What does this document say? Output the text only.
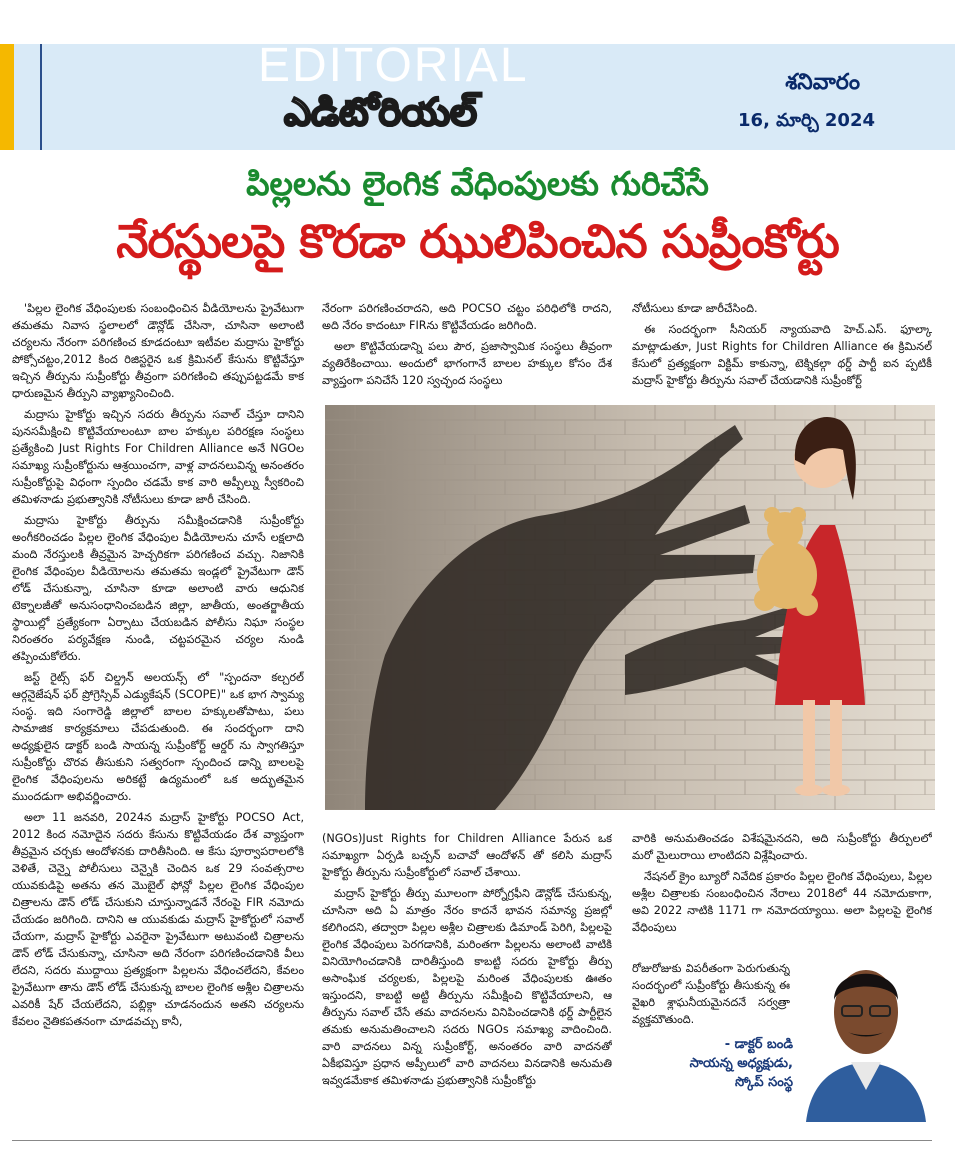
EDITORIAL
ఎడిటోరియల్
శనివారం
16, మార్చి 2024
పిల్లలను లైంగిక వేధింపులకు గురిచేసే
నేరస్థులపై కొరడా ఝులిపించిన సుప్రీంకోర్టు

'పిల్లల లైంగిక వేధింపులకు సంబంధించిన వీడియోలను ప్రైవేటుగా తమతమ నివాస స్థలాలలో డౌన్లోడ్ చేసినా, చూసినా అలాంటి చర్యలను నేరంగా పరిగణించ కూడదంటూ ఇటీవల మద్రాసు హైకోర్టు పోక్సోచట్టం,2012 కింద రిజిస్టరైన ఒక క్రిమినల్ కేసును కొట్టివేస్తూ ఇచ్చిన తీర్పును సుప్రీంకోర్టు తీవ్రంగా పరిగణించి తప్పుపట్టడమే కాక ధారుణమైన తీర్పుని వ్యాఖ్యానించింది.

మద్రాసు హైకోర్టు ఇచ్చిన సదరు తీర్పును సవాల్ చేస్తూ దానిని పునసమీక్షించి కొట్టివేయాలంటూ బాల హక్కుల పరిరక్షణ సంస్థలు ప్రత్యేకించి Just Rights For Children Alliance అనే NGOల సమాఖ్య సుప్రీంకోర్టును ఆశ్రయించగా, వాళ్ల వాదనలువిన్న అనంతరం సుప్రీంకోర్టుపై విధంగా స్పందిం చడమే కాక వారి అప్పీల్ను స్వీకరించి తమిళనాడు ప్రభుత్వానికి నోటీసులు కూడా జారీ చేసింది.

మద్రాసు హైకోర్టు తీర్పును సమీక్షించడానికి సుప్రీంకోర్టు అంగీకరించడం పిల్లల లైంగిక వేధింపుల వీడియోలను చూసే లక్షలాది మంది నేరస్తులకి తీవ్రమైన హెచ్చరికగా పరిగణించ వచ్చు. నిజానికి లైంగిక వేధింపుల వీడియోలను తమతమ ఇండ్లలో ప్రైవేటుగా డౌన్ లోడ్ చేసుకున్నా, చూసినా కూడా అలాంటి వారు ఆధునిక టెక్నాలజీతో అనుసంధానించబడిన జిల్లా, జాతీయ, అంతర్జాతీయ స్థాయిల్లో ప్రత్యేకంగా ఏర్పాటు చేయబడిన పోలీసు నిఘా సంస్థల నిరంతరం పర్యవేక్షణ నుండి, చట్టపరమైన చర్యల నుండి తప్పించుకోలేరు.

జస్ట్ రైట్స్ ఫర్ చిల్డ్రన్ అలయన్స్ లో "స్పందనా కల్చరల్ ఆర్గనైజేషన్ ఫర్ ప్రోగ్రెస్సివ్ ఎడ్యుకేషన్ (SCOPE)" ఒక భాగ స్వామ్య సంస్థ. ఇది సంగారెడ్డి జిల్లాలో బాలల హక్కులతోపాటు, పలు సామాజిక కార్యక్రమాలు చేపడుతుంది. ఈ సందర్భంగా దాని అధ్యక్షులైన డాక్టర్ బండి సాయన్న సుప్రీంకోర్ట్ ఆర్డర్ ను స్వాగతిస్తూ సుప్రీంకోర్టు చొరవ తీసుకుని సత్వరంగా స్పందించ డాన్ని బాలలపై లైంగిక వేధింపులను అరికట్టే ఉద్యమంలో ఒక అద్భుతమైన ముందడుగా అభివర్ణించారు.

అలా 11 జనవరి, 2024న మద్రాస్ హైకోర్టు POCSO Act, 2012 కింద నమోదైన సదరు కేసును కొట్టివేయడం దేశ వ్యాప్తంగా తీవ్రమైన చర్చకు ఆందోళనకు దారితీసింది. ఆ కేసు పూర్వాపరాలలోకి వెళితే, చెన్నై పోలీసులు చెన్నైకి చెందిన ఒక 29 సంవత్సరాల యువకుడిపై అతను తన మొబైల్ ఫోన్లో పిల్లల లైంగిక వేధింపుల చిత్రాలను డౌన్ లోడ్ చేసుకుని చూస్తున్నాడనే నేరంపై FIR నమోదు చేయడం జరిగింది. దానిని ఆ యువకుడు మద్రాస్ హైకోర్టులో సవాల్ చేయగా, మద్రాస్ హైకోర్టు ఎవరైనా ప్రైవేటుగా అటువంటి చిత్రాలను డౌన్ లోడ్ చేసుకున్నా, చూసినా అది నేరంగా పరిగణించడానికి వీలు లేదని, సదరు ముద్దాయి ప్రత్యక్షంగా పిల్లలను వేధించలేదని, కేవలం ప్రైవేటుగా తాను డౌన్ లోడ్ చేసుకున్న బాలల లైంగిక అశ్లీల చిత్రాలను ఎవరికీ షేర్ చేయలేదని, పబ్లిక్గా చూడనందున అతని చర్యలను కేవలం నైతికపతనంగా చూడవచ్చు కానీ,

నేరంగా పరిగణించరాదని, అది POCSO చట్టం పరిధిలోకి రాదని, అది నేరం కాదంటూ FIRను కొట్టివేయడం జరిగింది.

అలా కొట్టివేయడాన్ని పలు పౌర, ప్రజాస్వామిక సంస్థలు తీవ్రంగా వ్యతిరేకించాయి. అందులో భాగంగానే బాలల హక్కుల కోసం దేశ వ్యాప్తంగా పనిచేసే 120 స్వచ్ఛంద సంస్థలు

నోటీసులు కూడా జారీచేసింది.

ఈ సందర్భంగా సీనియర్ న్యాయవాది హెచ్.ఎస్. ఫూల్కా మాట్లాడుతూ, Just Rights for Children Alliance ఈ క్రిమినల్ కేసులో ప్రత్యక్షంగా విక్టిమ్ కాకున్నా, టెక్నికల్గా థర్డ్ పార్టీ ఐన ప్పటికీ మద్రాస్ హైకోర్టు తీర్పును సవాల్ చేయడానికి సుప్రీంకోర్ట్

(NGOs)Just Rights for Children Alliance పేరున ఒక సమాఖ్యగా ఏర్పడి బచ్పన్ బచావో ఆందోళన్ తో కలిసి మద్రాస్ హైకోర్టు తీర్పును సుప్రీంకోర్టులో సవాల్ చేశాయి.

మద్రాస్ హైకోర్టు తీర్పు మూలంగా పోర్నోగ్రఫీని డౌన్లోడ్ చేసుకున్న, చూసినా అది ఏ మాత్రం నేరం కాదనే భావన సమాన్య ప్రజల్లో కలిగిందని, తద్వారా పిల్లల అశ్లీల చిత్రాలకు డిమాండ్ పెరిగి, పిల్లలపై లైంగిక వేధింపులు పెరగడానికి, మరింతగా పిల్లలను అలాంటి వాటికి వినియోగించడానికి దారితీస్తుంది కాబట్టి సదరు హైకోర్టు తీర్పు అసాంఘిక చర్యలకు, పిల్లలపై మరింత వేధింపులకు ఊతం ఇస్తుందని, కాబట్టి అట్టి తీర్పును సమీక్షించి కొట్టివేయాలని, ఆ తీర్పును సవాల్ చేసే తమ వాదనలను వినిపించడానికి థర్డ్ పార్టీలైన తమకు అనుమతించాలని సదరు NGOs సమాఖ్య వాదించింది. వారి వాదనలు విన్న సుప్రీంకోర్ట్, అనంతరం వారి వాదనతో ఏకీభవిస్తూ ప్రధాన అప్పీలులో వారి వాదనలు వినడానికి అనుమతి ఇవ్వడమేకాక తమిళనాడు ప్రభుత్వానికి సుప్రీంకోర్టు

వారికి అనుమతించడం విశేషమైనదని, అది సుప్రీంకోర్టు తీర్పులలో మరో మైలురాయి లాంటిదని విశ్లేషించారు.

నేషనల్ క్రైం బ్యూరో నివేదిక ప్రకారం పిల్లల లైంగిక వేధింపులు, పిల్లల అశ్లీల చిత్రాలకు సంబంధించిన నేరాలు 2018లో 44 నమోదుకాగా, అవి 2022 నాటికి 1171 గా నమోదయ్యాయి. అలా పిల్లలపై లైంగిక వేధింపులు

రోజురోజుకు విపరీతంగా పెరుగుతున్న సందర్భంలో సుప్రీంకోర్టు తీసుకున్న ఈ వైఖరి శ్లాఘనీయమైనదనే సర్వత్రా వ్యక్తమౌతుంది.

- డాక్టర్ బండి
సాయన్న అధ్యక్షుడు,
స్కోప్ సంస్థ
